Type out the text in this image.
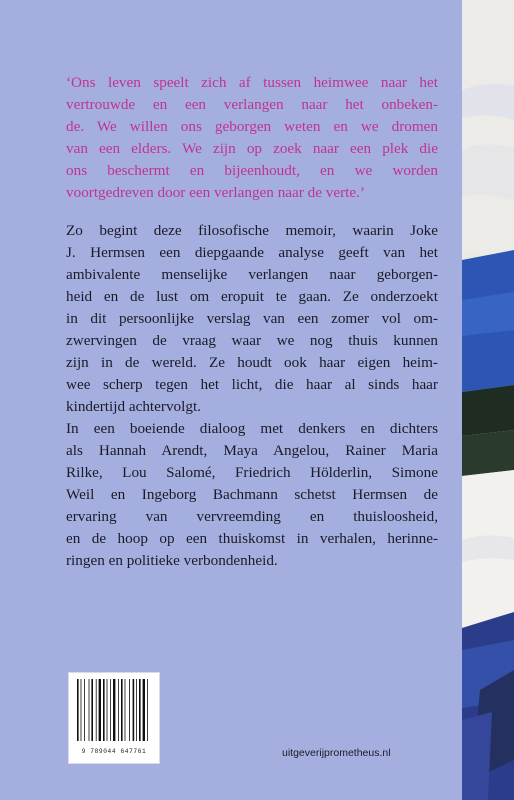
‘Ons leven speelt zich af tussen heimwee naar het
vertrouwde en een verlangen naar het onbeken-
de. We willen ons geborgen weten en we dromen
van een elders. We zijn op zoek naar een plek die
ons beschermt en bijeenhoudt, en we worden
voortgedreven door een verlangen naar de verte.’

Zo begint deze filosofische memoir, waarin Joke
J. Hermsen een diepgaande analyse geeft van het
ambivalente menselijke verlangen naar geborgen-
heid en de lust om eropuit te gaan. Ze onderzoekt
in dit persoonlijke verslag van een zomer vol om-
zwervingen de vraag waar we nog thuis kunnen
zijn in de wereld. Ze houdt ook haar eigen heim-
wee scherp tegen het licht, die haar al sinds haar
kindertijd achtervolgt.

In een boeiende dialoog met denkers en dichters
als Hannah Arendt, Maya Angelou, Rainer Maria
Rilke, Lou Salomé, Friedrich Hölderlin, Simone
Weil en Ingeborg Bachmann schetst Hermsen de
ervaring van vervreemding en thuisloosheid,
en de hoop op een thuiskomst in verhalen, herinne-
ringen en politieke verbondenheid.

9 789044 647761	uitgeverijprometheus.nl
